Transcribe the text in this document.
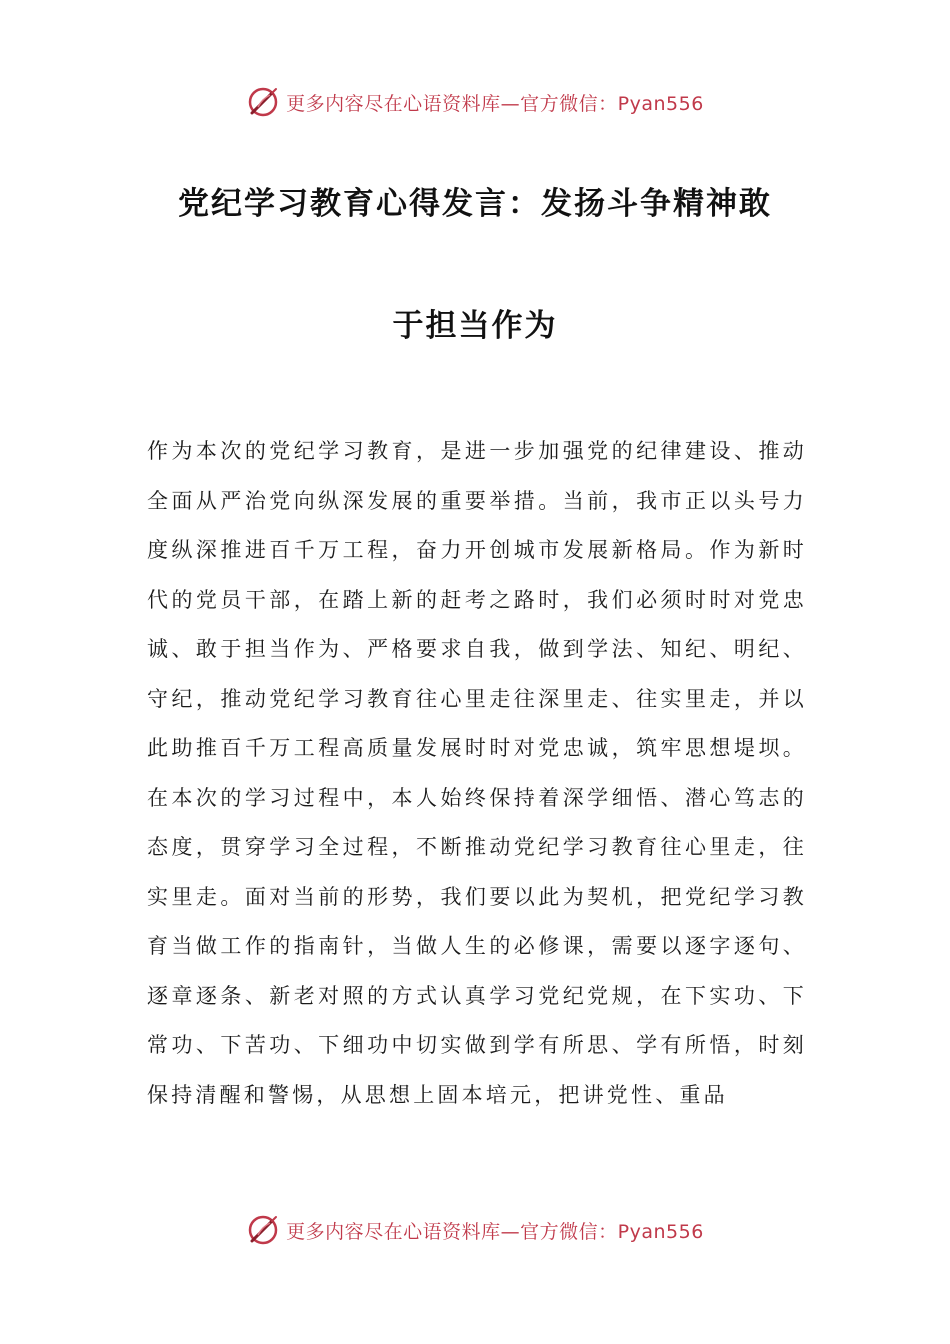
更多内容尽在心语资料库—官方微信：Pyan556
党纪学习教育心得发言：发扬斗争精神敢
于担当作为

作为本次的党纪学习教育，是进一步加强党的纪律建设、推动全面从严治党向纵深发展的重要举措。当前，我市正以头号力度纵深推进百千万工程，奋力开创城市发展新格局。作为新时代的党员干部，在踏上新的赶考之路时，我们必须时时对党忠诚、敢于担当作为、严格要求自我，做到学法、知纪、明纪、守纪，推动党纪学习教育往心里走往深里走、往实里走，并以此助推百千万工程高质量发展时时对党忠诚，筑牢思想堤坝。在本次的学习过程中，本人始终保持着深学细悟、潜心笃志的态度，贯穿学习全过程，不断推动党纪学习教育往心里走，往实里走。面对当前的形势，我们要以此为契机，把党纪学习教育当做工作的指南针，当做人生的必修课，需要以逐字逐句、逐章逐条、新老对照的方式认真学习党纪党规，在下实功、下常功、下苦功、下细功中切实做到学有所思、学有所悟，时刻保持清醒和警惕，从思想上固本培元，把讲党性、重品

更多内容尽在心语资料库—官方微信：Pyan556
